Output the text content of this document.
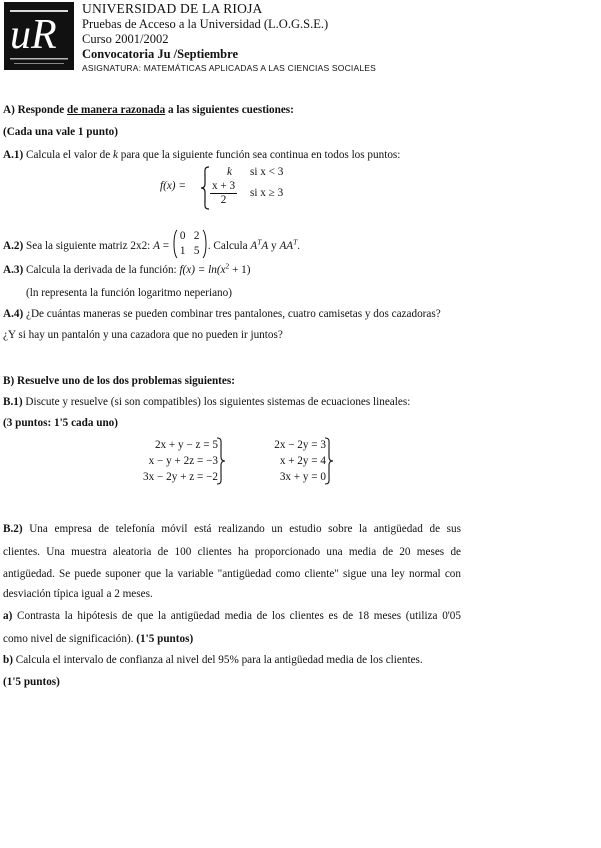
uR
UNIVERSIDAD DE LA RIOJA
Pruebas de Acceso a la Universidad (L.O.G.S.E.)
Curso 2001/2002
Convocatoria Ju /Septiembre
ASIGNATURA: MATEMÁTICAS APLICADAS A LAS CIENCIAS SOCIALES
A) Responde de manera razonada a las siguientes cuestiones:
(Cada una vale 1 punto)
A.1) Calcula el valor de k para que la siguiente función sea continua en todos los puntos:
f(x) =
k si x < 3
$\frac{x + 3}{2}$ si x ≥ 3
A.2) Sea la siguiente matriz 2x2: A =
0 2
1 5 . Calcula $A^TA$ y $AA^T$.
A.3) Calcula la derivada de la función: $f(x) = \ln(x^2 + 1)$
(ln representa la función logaritmo neperiano)
A.4) ¿De cuántas maneras se pueden combinar tres pantalones, cuatro camisetas y dos cazadoras?
¿Y si hay un pantalón y una cazadora que no pueden ir juntos?
B) Resuelve uno de los dos problemas siguientes:
B.1) Discute y resuelve (si son compatibles) los siguientes sistemas de ecuaciones lineales:
(3 puntos: 1'5 cada uno)
2x + y − z = 5
x − y + 2z = −3
3x − 2y + z = −2
2x − 2y = 3
x + 2y = 4
3x + y = 0
B.2) Una empresa de telefonía móvil está realizando un estudio sobre la antigüedad de sus
clientes. Una muestra aleatoria de 100 clientes ha proporcionado una media de 20 meses de
antigüedad. Se puede suponer que la variable "antigüedad como cliente" sigue una ley normal con
desviación típica igual a 2 meses.
a) Contrasta la hipótesis de que la antigüedad media de los clientes es de 18 meses (utiliza 0'05
como nivel de significación). (1'5 puntos)
b) Calcula el intervalo de confianza al nivel del 95% para la antigüedad media de los clientes.
(1'5 puntos)
